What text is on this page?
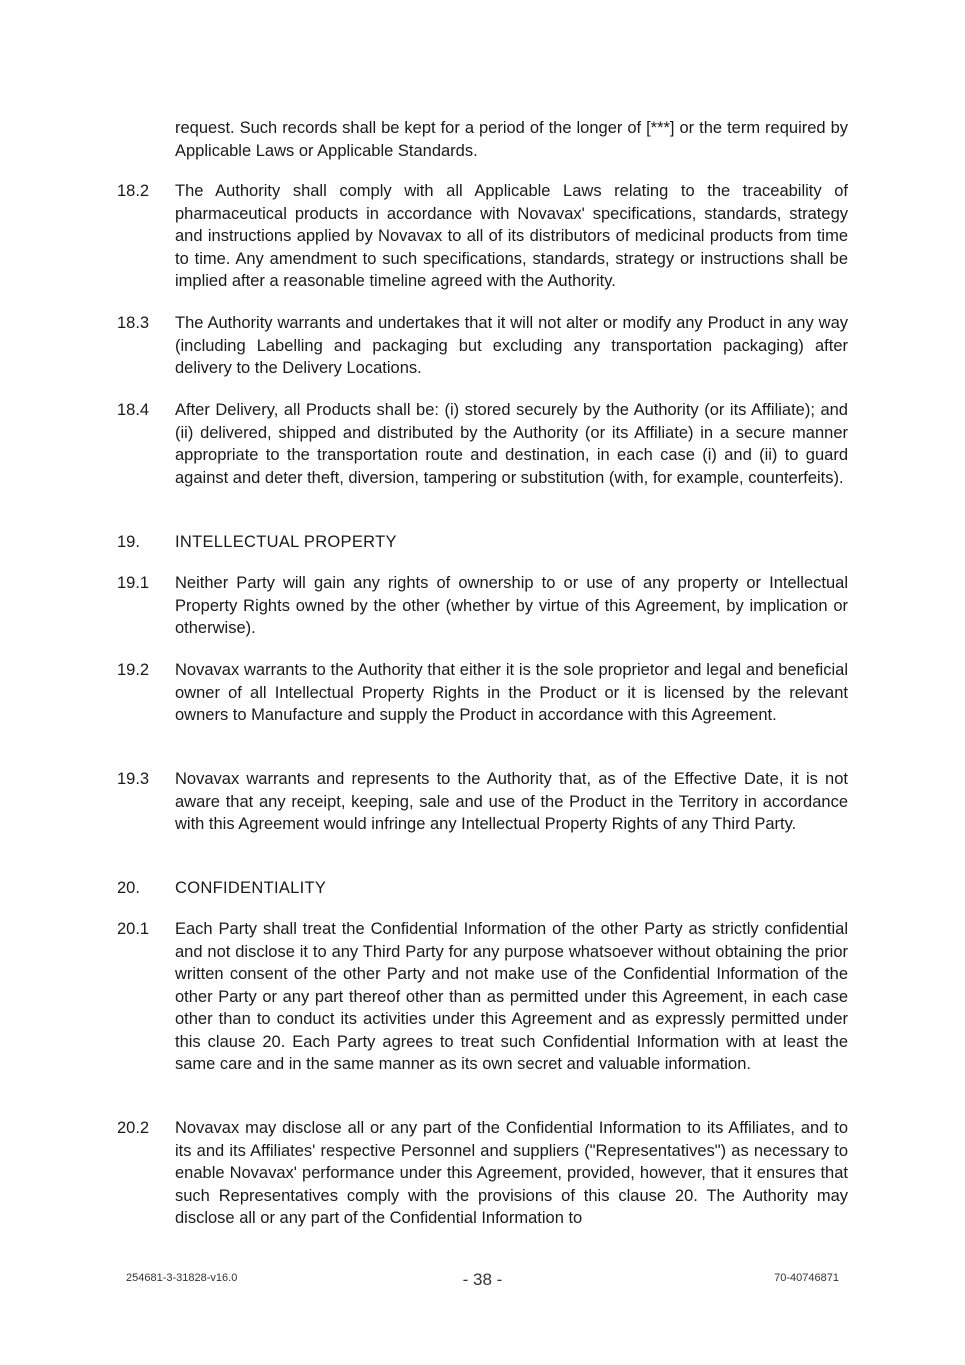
request. Such records shall be kept for a period of the longer of [***] or the term required by Applicable Laws or Applicable Standards.
18.2 The Authority shall comply with all Applicable Laws relating to the traceability of pharmaceutical products in accordance with Novavax' specifications, standards, strategy and instructions applied by Novavax to all of its distributors of medicinal products from time to time. Any amendment to such specifications, standards, strategy or instructions shall be implied after a reasonable timeline agreed with the Authority.
18.3 The Authority warrants and undertakes that it will not alter or modify any Product in any way (including Labelling and packaging but excluding any transportation packaging) after delivery to the Delivery Locations.
18.4 After Delivery, all Products shall be: (i) stored securely by the Authority (or its Affiliate); and (ii) delivered, shipped and distributed by the Authority (or its Affiliate) in a secure manner appropriate to the transportation route and destination, in each case (i) and (ii) to guard against and deter theft, diversion, tampering or substitution (with, for example, counterfeits).
19. INTELLECTUAL PROPERTY
19.1 Neither Party will gain any rights of ownership to or use of any property or Intellectual Property Rights owned by the other (whether by virtue of this Agreement, by implication or otherwise).
19.2 Novavax warrants to the Authority that either it is the sole proprietor and legal and beneficial owner of all Intellectual Property Rights in the Product or it is licensed by the relevant owners to Manufacture and supply the Product in accordance with this Agreement.
19.3 Novavax warrants and represents to the Authority that, as of the Effective Date, it is not aware that any receipt, keeping, sale and use of the Product in the Territory in accordance with this Agreement would infringe any Intellectual Property Rights of any Third Party.
20. CONFIDENTIALITY
20.1 Each Party shall treat the Confidential Information of the other Party as strictly confidential and not disclose it to any Third Party for any purpose whatsoever without obtaining the prior written consent of the other Party and not make use of the Confidential Information of the other Party or any part thereof other than as permitted under this Agreement, in each case other than to conduct its activities under this Agreement and as expressly permitted under this clause 20. Each Party agrees to treat such Confidential Information with at least the same care and in the same manner as its own secret and valuable information.
20.2 Novavax may disclose all or any part of the Confidential Information to its Affiliates, and to its and its Affiliates' respective Personnel and suppliers ("Representatives") as necessary to enable Novavax' performance under this Agreement, provided, however, that it ensures that such Representatives comply with the provisions of this clause 20. The Authority may disclose all or any part of the Confidential Information to
254681-3-31828-v16.0	- 38 -	70-40746871
